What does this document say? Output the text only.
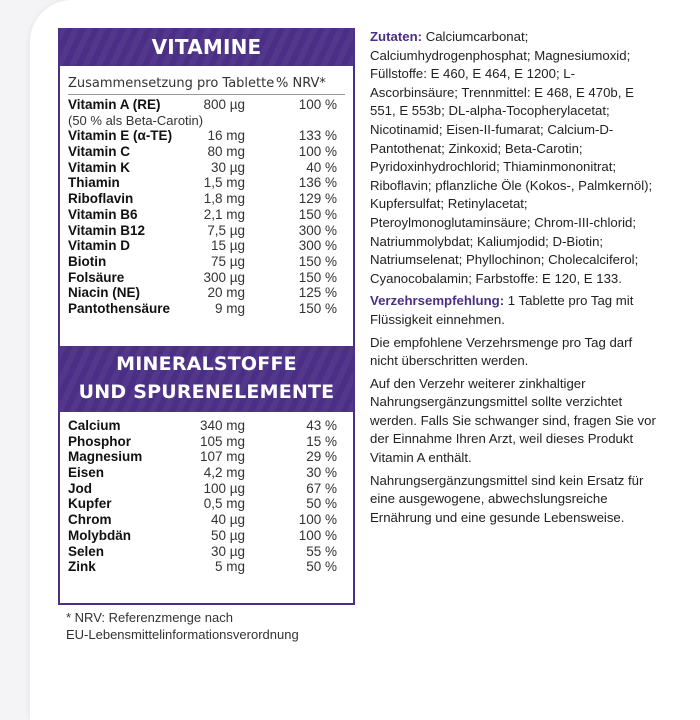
VITAMINE
Zusammensetzung pro Tablette % NRV*
Vitamin A (RE)	800 µg	100 %
(50 % als Beta-Carotin)
Vitamin E (α-TE)	16 mg	133 %
Vitamin C	80 mg	100 %
Vitamin K	30 µg	40 %
Thiamin	1,5 mg	136 %
Riboflavin	1,8 mg	129 %
Vitamin B6	2,1 mg	150 %
Vitamin B12	7,5 µg	300 %
Vitamin D	15 µg	300 %
Biotin	75 µg	150 %
Folsäure	300 µg	150 %
Niacin (NE)	20 mg	125 %
Pantothensäure	9 mg	150 %
MINERALSTOFFE
UND SPURENELEMENTE
Calcium	340 mg	43 %
Phosphor	105 mg	15 %
Magnesium	107 mg	29 %
Eisen	4,2 mg	30 %
Jod	100 µg	67 %
Kupfer	0,5 mg	50 %
Chrom	40 µg	100 %
Molybdän	50 µg	100 %
Selen	30 µg	55 %
Zink	5 mg	50 %
* NRV: Referenzmenge nach
EU-Lebensmittelinformationsverordnung

Zutaten: Calciumcarbonat; Calciumhydrogenphosphat; Magnesiumoxid; Füllstoffe: E 460, E 464, E 1200; L-Ascorbinsäure; Trennmittel: E 468, E 470b, E 551, E 553b; DL-alpha-Tocopherylacetat; Nicotinamid; Eisen-II-fumarat; Calcium-D-Pantothenat; Zinkoxid; Beta-Carotin; Pyridoxinhydrochlorid; Thiaminmononitrat; Riboflavin; pflanzliche Öle (Kokos-, Palmkernöl); Kupfersulfat; Retinylacetat; Pteroylmonoglutaminsäure; Chrom-III-chlorid; Natriummolybdat; Kaliumjodid; D-Biotin; Natriumselenat; Phyllochinon; Cholecalciferol; Cyanocobalamin; Farbstoffe: E 120, E 133.

Verzehrsempfehlung: 1 Tablette pro Tag mit Flüssigkeit einnehmen.

Die empfohlene Verzehrsmenge pro Tag darf nicht überschritten werden.

Auf den Verzehr weiterer zinkhaltiger Nahrungsergänzungsmittel sollte verzichtet werden. Falls Sie schwanger sind, fragen Sie vor der Einnahme Ihren Arzt, weil dieses Produkt Vitamin A enthält.

Nahrungsergänzungsmittel sind kein Ersatz für eine ausgewogene, abwechslungsreiche Ernährung und eine gesunde Lebensweise.
